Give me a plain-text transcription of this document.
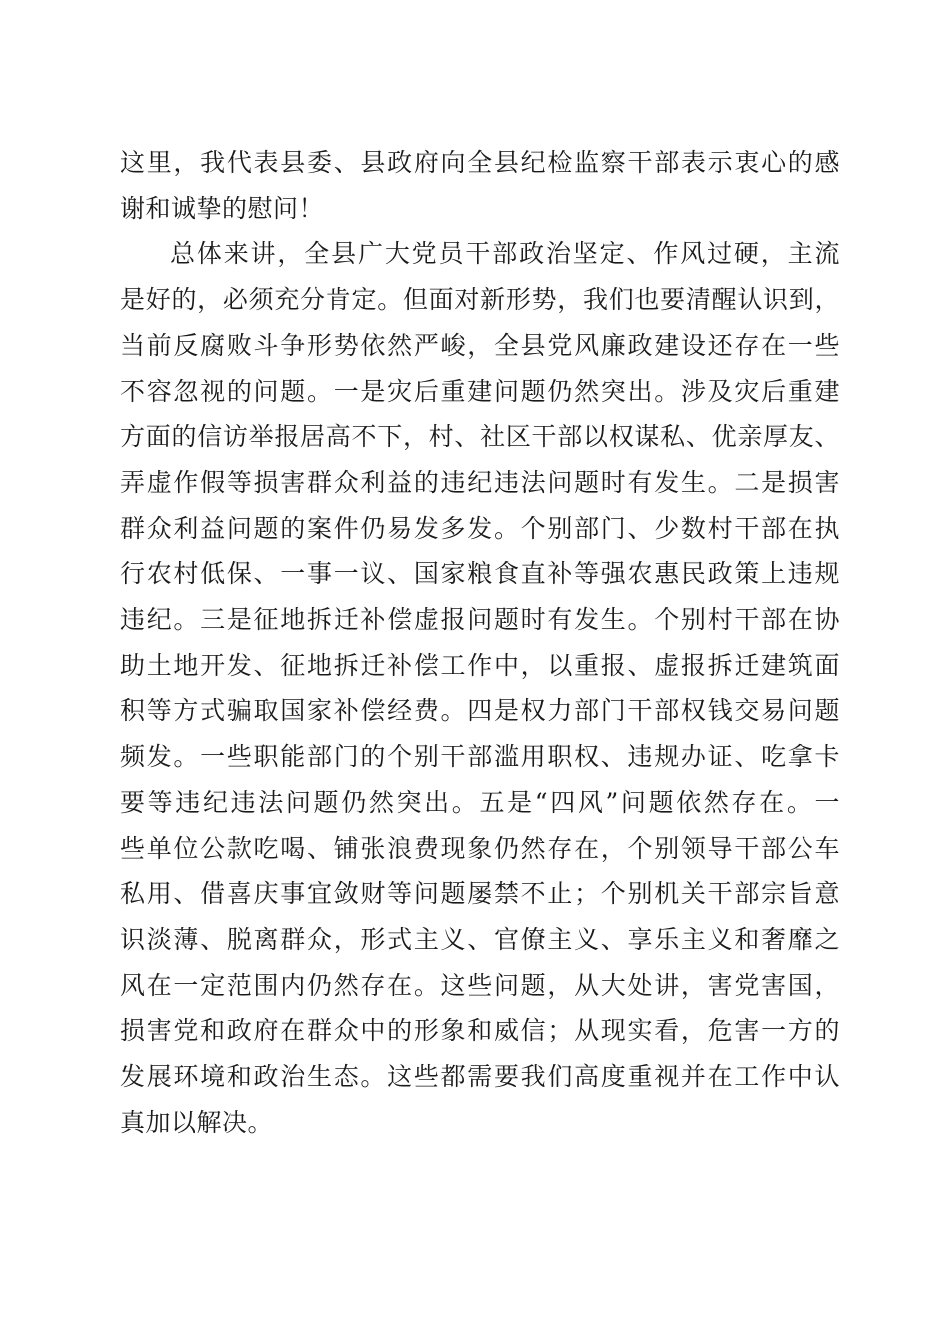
这里，我代表县委、县政府向全县纪检监察干部表示衷心的感
谢和诚挚的慰问！
总体来讲，全县广大党员干部政治坚定、作风过硬，主流
是好的，必须充分肯定。但面对新形势，我们也要清醒认识到，
当前反腐败斗争形势依然严峻，全县党风廉政建设还存在一些
不容忽视的问题。一是灾后重建问题仍然突出。涉及灾后重建
方面的信访举报居高不下，村、社区干部以权谋私、优亲厚友、
弄虚作假等损害群众利益的违纪违法问题时有发生。二是损害
群众利益问题的案件仍易发多发。个别部门、少数村干部在执
行农村低保、一事一议、国家粮食直补等强农惠民政策上违规
违纪。三是征地拆迁补偿虚报问题时有发生。个别村干部在协
助土地开发、征地拆迁补偿工作中，以重报、虚报拆迁建筑面
积等方式骗取国家补偿经费。四是权力部门干部权钱交易问题
频发。一些职能部门的个别干部滥用职权、违规办证、吃拿卡
要等违纪违法问题仍然突出。五是“四风”问题依然存在。一
些单位公款吃喝、铺张浪费现象仍然存在，个别领导干部公车
私用、借喜庆事宜敛财等问题屡禁不止；个别机关干部宗旨意
识淡薄、脱离群众，形式主义、官僚主义、享乐主义和奢靡之
风在一定范围内仍然存在。这些问题，从大处讲，害党害国，
损害党和政府在群众中的形象和威信；从现实看，危害一方的
发展环境和政治生态。这些都需要我们高度重视并在工作中认
真加以解决。
